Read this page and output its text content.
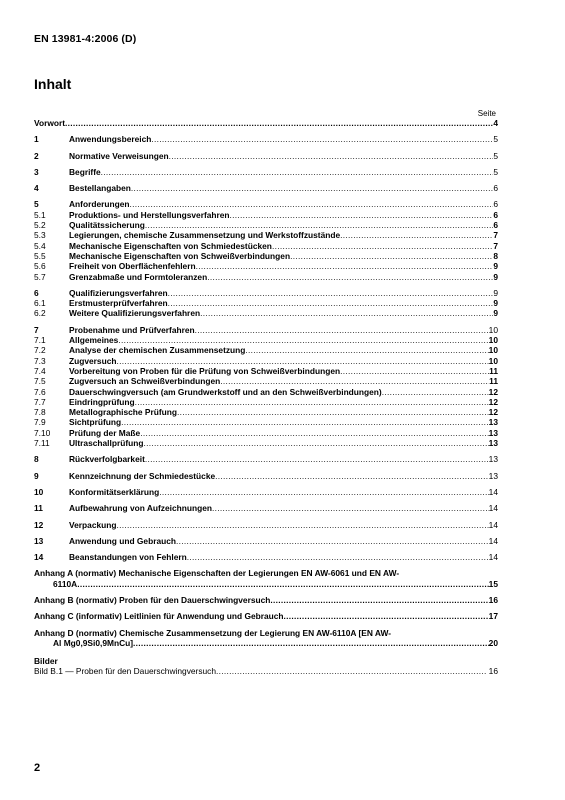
EN 13981-4:2006 (D)
Inhalt
Seite
Vorwort .....	4
1	Anwendungsbereich .....	5
2	Normative Verweisungen .....	5
3	Begriffe .....	5
4	Bestellangaben .....	6
5	Anforderungen .....	6
5.1	Produktions- und Herstellungsverfahren .....	6
5.2	Qualitätssicherung .....	6
5.3	Legierungen, chemische Zusammensetzung und Werkstoffzustände .....	7
5.4	Mechanische Eigenschaften von Schmiedestücken .....	7
5.5	Mechanische Eigenschaften von Schweißverbindungen .....	8
5.6	Freiheit von Oberflächenfehlern .....	9
5.7	Grenzabmaße und Formtoleranzen .....	9
6	Qualifizierungsverfahren .....	9
6.1	Erstmusterprüfverfahren .....	9
6.2	Weitere Qualifizierungsverfahren .....	9
7	Probenahme und Prüfverfahren .....	10
7.1	Allgemeines .....	10
7.2	Analyse der chemischen Zusammensetzung .....	10
7.3	Zugversuch .....	10
7.4	Vorbereitung von Proben für die Prüfung von Schweißverbindungen .....	11
7.5	Zugversuch an Schweißverbindungen .....	11
7.6	Dauerschwingversuch (am Grundwerkstoff und an den Schweißverbindungen) .....	12
7.7	Eindringprüfung .....	12
7.8	Metallographische Prüfung .....	12
7.9	Sichtprüfung .....	13
7.10	Prüfung der Maße .....	13
7.11	Ultraschallprüfung .....	13
8	Rückverfolgbarkeit .....	13
9	Kennzeichnung der Schmiedestücke .....	13
10	Konformitätserklärung .....	14
11	Aufbewahrung von Aufzeichnungen .....	14
12	Verpackung .....	14
13	Anwendung und Gebrauch .....	14
14	Beanstandungen von Fehlern .....	14
Anhang A (normativ) Mechanische Eigenschaften der Legierungen EN AW-6061 und EN AW-
6110A .....	15
Anhang B (normativ) Proben für den Dauerschwingversuch .....	16
Anhang C (informativ) Leitlinien für Anwendung und Gebrauch .....	17
Anhang D (normativ) Chemische Zusammensetzung der Legierung EN AW-6110A [EN AW-
Al Mg0,9Si0,9MnCu] .....	20
Bilder
Bild B.1 — Proben für den Dauerschwingversuch .....	16
2
